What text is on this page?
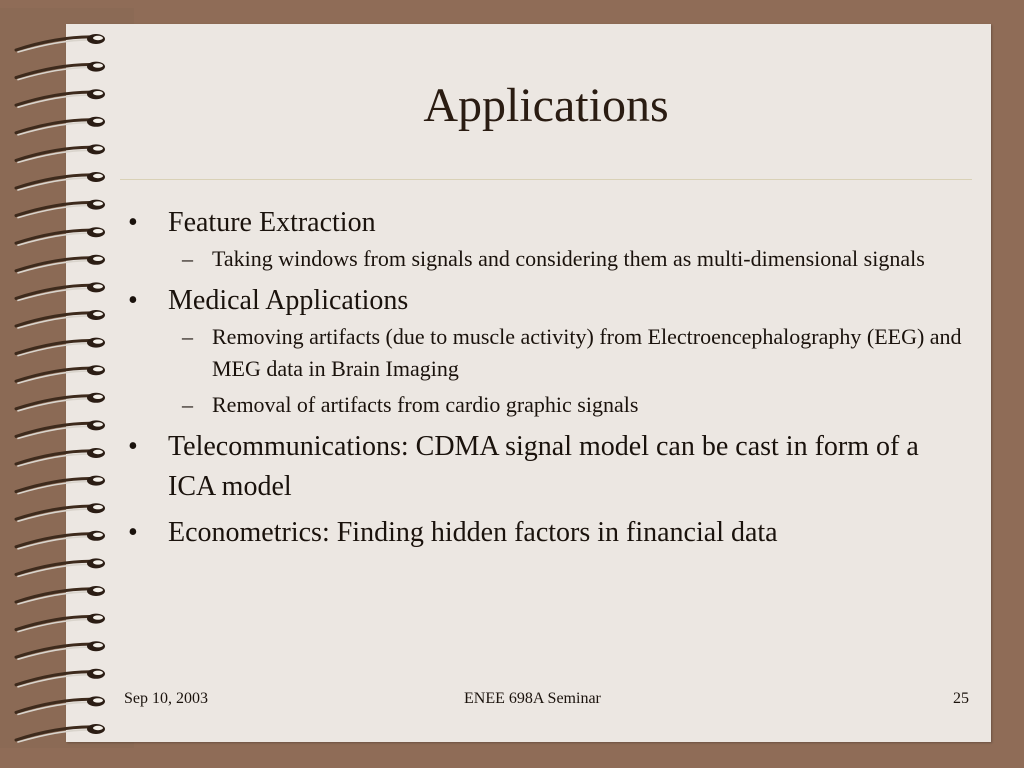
Applications
• Feature Extraction
– Taking windows from signals and considering them as multi-dimensional signals
• Medical Applications
– Removing artifacts (due to muscle activity) from Electroencephalography (EEG) and MEG data in Brain Imaging
– Removal of artifacts from cardio graphic signals
• Telecommunications: CDMA signal model can be cast in form of a ICA model
• Econometrics: Finding hidden factors in financial data
Sep 10, 2003	ENEE 698A Seminar	25
